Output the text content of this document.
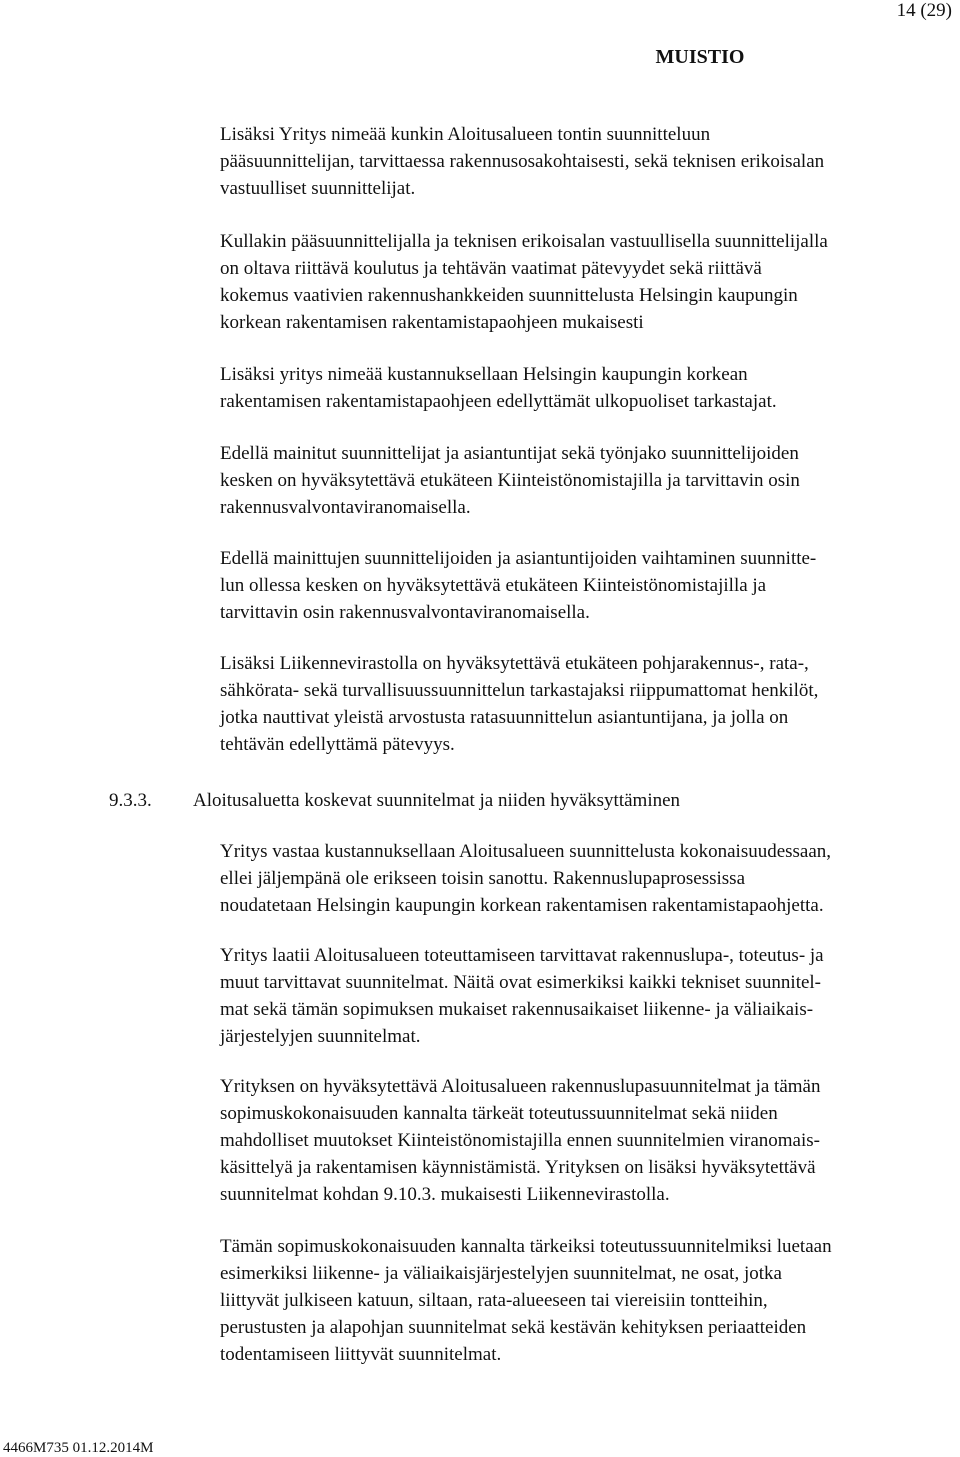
14 (29)
MUISTIO

Lisäksi Yritys nimeää kunkin Aloitusalueen tontin suunnitteluun
pääsuunnittelijan, tarvittaessa rakennusosakohtaisesti, sekä teknisen erikoisalan
vastuulliset suunnittelijat.

Kullakin pääsuunnittelijalla ja teknisen erikoisalan vastuullisella suunnittelijalla
on oltava riittävä koulutus ja tehtävän vaatimat pätevyydet sekä riittävä
kokemus vaativien rakennushankkeiden suunnittelusta Helsingin kaupungin
korkean rakentamisen rakentamistapaohjeen mukaisesti

Lisäksi yritys nimeää kustannuksellaan Helsingin kaupungin korkean
rakentamisen rakentamistapaohjeen edellyttämät ulkopuoliset tarkastajat.

Edellä mainitut suunnittelijat ja asiantuntijat sekä työnjako suunnittelijoiden
kesken on hyväksytettävä etukäteen Kiinteistönomistajilla ja tarvittavin osin
rakennusvalvontaviranomaisella.

Edellä mainittujen suunnittelijoiden ja asiantuntijoiden vaihtaminen suunnitte-
lun ollessa kesken on hyväksytettävä etukäteen Kiinteistönomistajilla ja
tarvittavin osin rakennusvalvontaviranomaisella.

Lisäksi Liikennevirastolla on hyväksytettävä etukäteen pohjarakennus-, rata-,
sähkörata- sekä turvallisuussuunnittelun tarkastajaksi riippumattomat henkilöt,
jotka nauttivat yleistä arvostusta ratasuunnittelun asiantuntijana, ja jolla on
tehtävän edellyttämä pätevyys.

9.3.3. Aloitusaluetta koskevat suunnitelmat ja niiden hyväksyttäminen

Yritys vastaa kustannuksellaan Aloitusalueen suunnittelusta kokonaisuudessaan,
ellei jäljempänä ole erikseen toisin sanottu. Rakennuslupaprosessissa
noudatetaan Helsingin kaupungin korkean rakentamisen rakentamistapaohjetta.

Yritys laatii Aloitusalueen toteuttamiseen tarvittavat rakennuslupa-, toteutus- ja
muut tarvittavat suunnitelmat. Näitä ovat esimerkiksi kaikki tekniset suunnitel-
mat sekä tämän sopimuksen mukaiset rakennusaikaiset liikenne- ja väliaikais-
järjestelyjen suunnitelmat.

Yrityksen on hyväksytettävä Aloitusalueen rakennuslupasuunnitelmat ja tämän
sopimuskokonaisuuden kannalta tärkeät toteutussuunnitelmat sekä niiden
mahdolliset muutokset Kiinteistönomistajilla ennen suunnitelmien viranomais-
käsittelyä ja rakentamisen käynnistämistä. Yrityksen on lisäksi hyväksytettävä
suunnitelmat kohdan 9.10.3. mukaisesti Liikennevirastolla.

Tämän sopimuskokonaisuuden kannalta tärkeiksi toteutussuunnitelmiksi luetaan
esimerkiksi liikenne- ja väliaikaisjärjestelyjen suunnitelmat, ne osat, jotka
liittyvät julkiseen katuun, siltaan, rata-alueeseen tai viereisiin tontteihin,
perustusten ja alapohjan suunnitelmat sekä kestävän kehityksen periaatteiden
todentamiseen liittyvät suunnitelmat.

4466M735 01.12.2014M
